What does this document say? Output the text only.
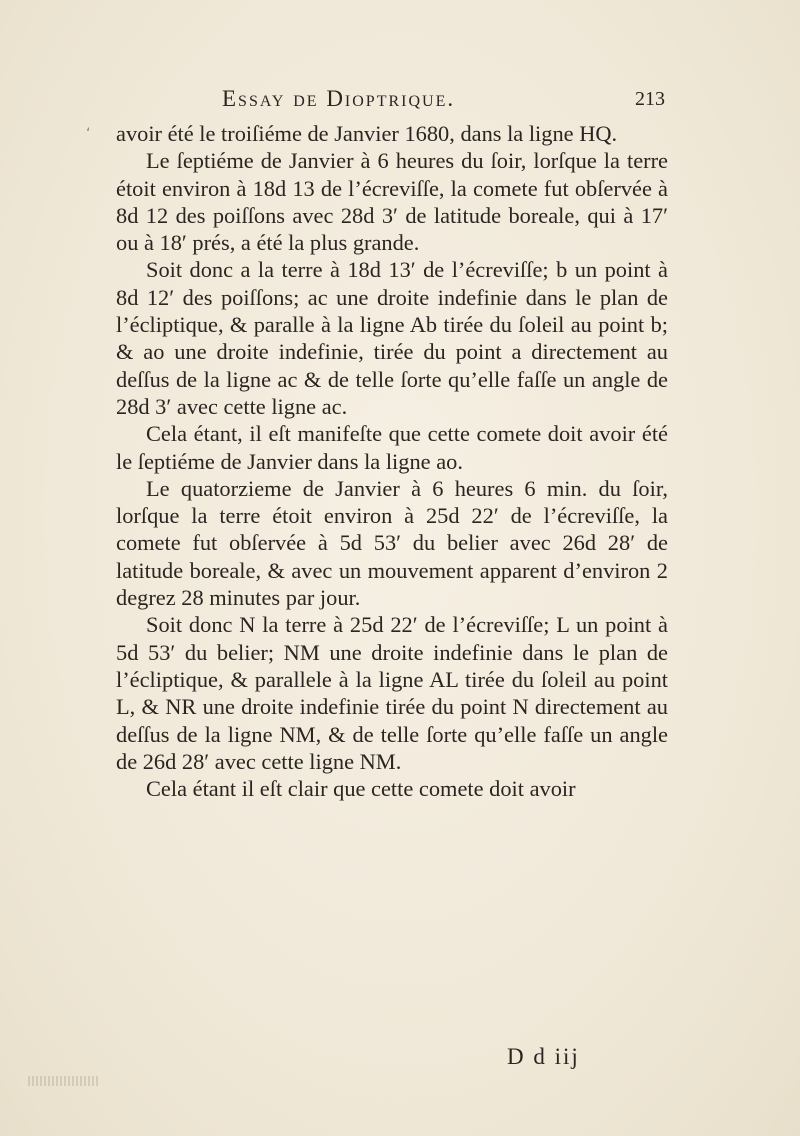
Essay de Dioptrique.	213
‘ avoir été le troiſiéme de Janvier 1680, dans la ligne HQ.

Le ſeptiéme de Janvier à 6 heures du ſoir, lorſque la terre étoit environ à 18d 13 de l’écreviſſe, la comete fut obſervée à 8d 12 des poiſſons avec 28d 3′ de latitude boreale, qui à 17′ ou à 18′ prés, a été la plus grande.

Soit donc a la terre à 18d 13′ de l’écreviſſe; b un point à 8d 12′ des poiſſons; ac une droite indefinie dans le plan de l’écliptique, & paralle à la ligne Ab tirée du ſoleil au point b; & ao une droite indefinie, tirée du point a directement au deſſus de la ligne ac & de telle ſorte qu’elle faſſe un angle de 28d 3′ avec cette ligne ac.

Cela étant, il eſt manifeſte que cette comete doit avoir été le ſeptiéme de Janvier dans la ligne ao.

Le quatorzieme de Janvier à 6 heures 6 min. du ſoir, lorſque la terre étoit environ à 25d 22′ de l’écreviſſe, la comete fut obſervée à 5d 53′ du belier avec 26d 28′ de latitude boreale, & avec un mouvement apparent d’environ 2 degrez 28 minutes par jour.

Soit donc N la terre à 25d 22′ de l’écreviſſe; L un point à 5d 53′ du belier; NM une droite indefinie dans le plan de l’écliptique, & parallele à la ligne AL tirée du ſoleil au point L, & NR une droite indefinie tirée du point N directement au deſſus de la ligne NM, & de telle ſorte qu’elle faſſe un angle de 26d 28′ avec cette ligne NM.

Cela étant il eſt clair que cette comete doit avoir

D d iij
